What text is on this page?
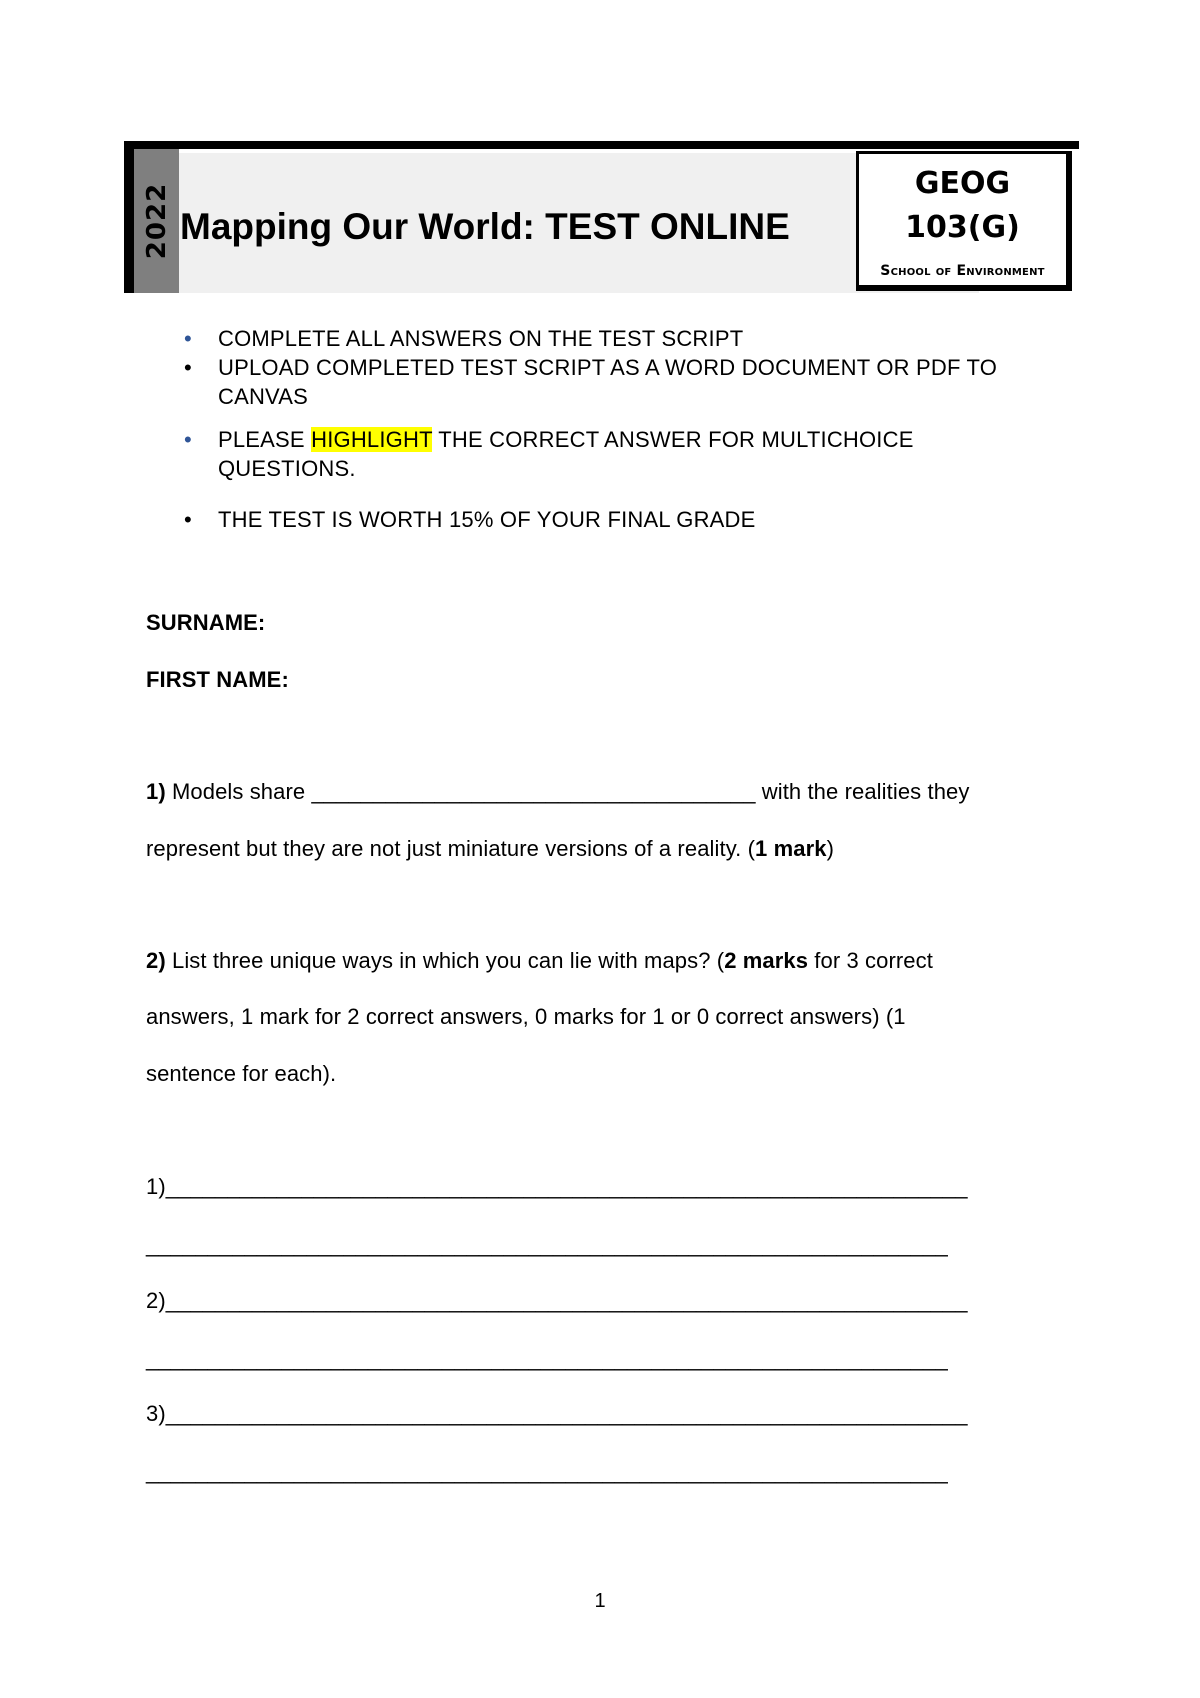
2022 Mapping Our World: TEST ONLINE
GEOG
103(G)
School of Environment
• COMPLETE ALL ANSWERS ON THE TEST SCRIPT
• UPLOAD COMPLETED TEST SCRIPT AS A WORD DOCUMENT OR PDF TO
CANVAS
• PLEASE HIGHLIGHT THE CORRECT ANSWER FOR MULTICHOICE
QUESTIONS.
• THE TEST IS WORTH 15% OF YOUR FINAL GRADE
SURNAME:
FIRST NAME:
1) Models share ____________________________________ with the realities they
represent but they are not just miniature versions of a reality. (1 mark)
2) List three unique ways in which you can lie with maps? (2 marks for 3 correct
answers, 1 mark for 2 correct answers, 0 marks for 1 or 0 correct answers) (1
sentence for each).
1)_________________________________________________________________
_________________________________________________________________
2)_________________________________________________________________
_________________________________________________________________
3)_________________________________________________________________
_________________________________________________________________
1
